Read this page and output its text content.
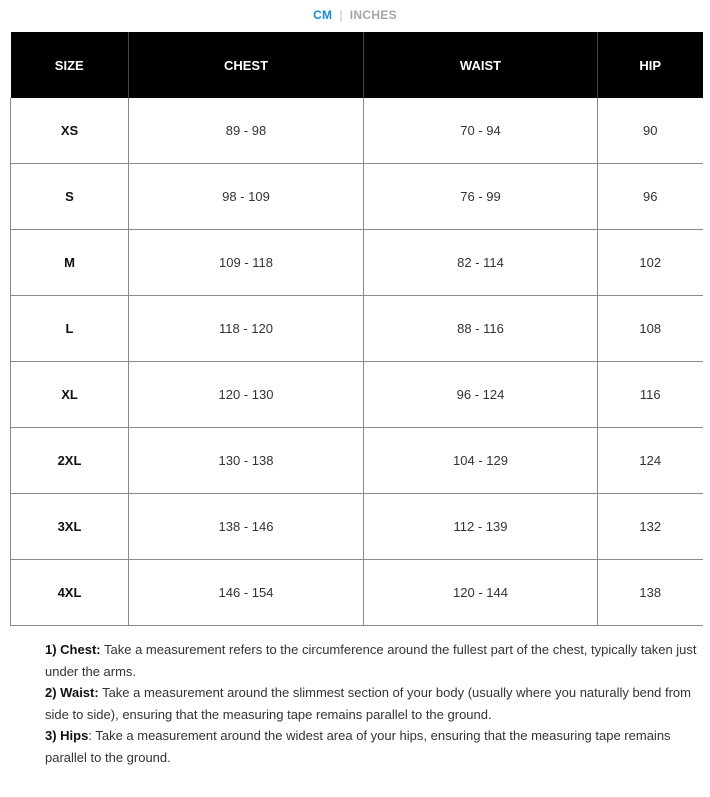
CM | INCHES
SIZE	CHEST	WAIST	HIP
XS	89 - 98	70 - 94	90
S	98 - 109	76 - 99	96
M	109 - 118	82 - 114	102
L	118 - 120	88 - 116	108
XL	120 - 130	96 - 124	116
2XL	130 - 138	104 - 129	124
3XL	138 - 146	112 - 139	132
4XL	146 - 154	120 - 144	138

1) Chest: Take a measurement refers to the circumference around the fullest part of the chest, typically taken just under the arms.

2) Waist: Take a measurement around the slimmest section of your body (usually where you naturally bend from side to side), ensuring that the measuring tape remains parallel to the ground.

3) Hips: Take a measurement around the widest area of your hips, ensuring that the measuring tape remains parallel to the ground.
